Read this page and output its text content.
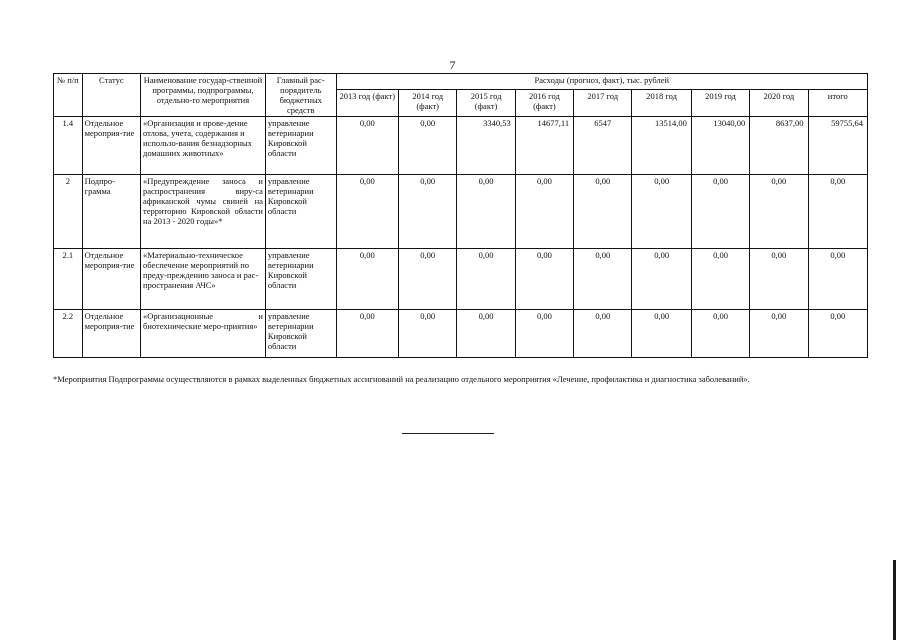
7
№ п/п	Статус	Наименование государ-ственной программы, подпрограммы, отдельно-го мероприятия	Главный рас-порядитель бюджетных средств	Расходы (прогноз, факт), тыс. рублей								
				2013 год (факт)	2014 год (факт)	2015 год (факт)	2016 год (факт)	2017 год	2018 год	2019 год	2020 год	итого
1.4	Отдельное мероприя-тие	«Организация и прове-дение отлова, учета, содержания и использо-вания безнадзорных домашних животных»	управление ветеринарии Кировской области	0,00	0,00	3340,53	14677,11	6547	13514,00	13040,00	8637,00	59755,64
2	Подпро-грамма	«Предупреждение заноса и распространения виру-са африканской чумы свиней на территорию Кировской области на 2013 - 2020 годы»*	управление ветеринарии Кировской области	0,00	0,00	0,00	0,00	0,00	0,00	0,00	0,00	0,00
2.1	Отдельное мероприя-тие	«Материально-техническое обеспечение мероприятий по преду-преждению заноса и рас-пространения АЧС»	управление ветеринарии Кировской области	0,00	0,00	0,00	0,00	0,00	0,00	0,00	0,00	0,00
2.2	Отдельное мероприя-тие	«Организационные и биотехнические меро-приятия»	управление ветеринарии Кировской области	0,00	0,00	0,00	0,00	0,00	0,00	0,00	0,00	0,00
*Мероприятия Подпрограммы осуществляются в рамках выделенных бюджетных ассигнований на реализацию отдельного мероприятия «Лечение, профилактика и диагностика заболеваний».
